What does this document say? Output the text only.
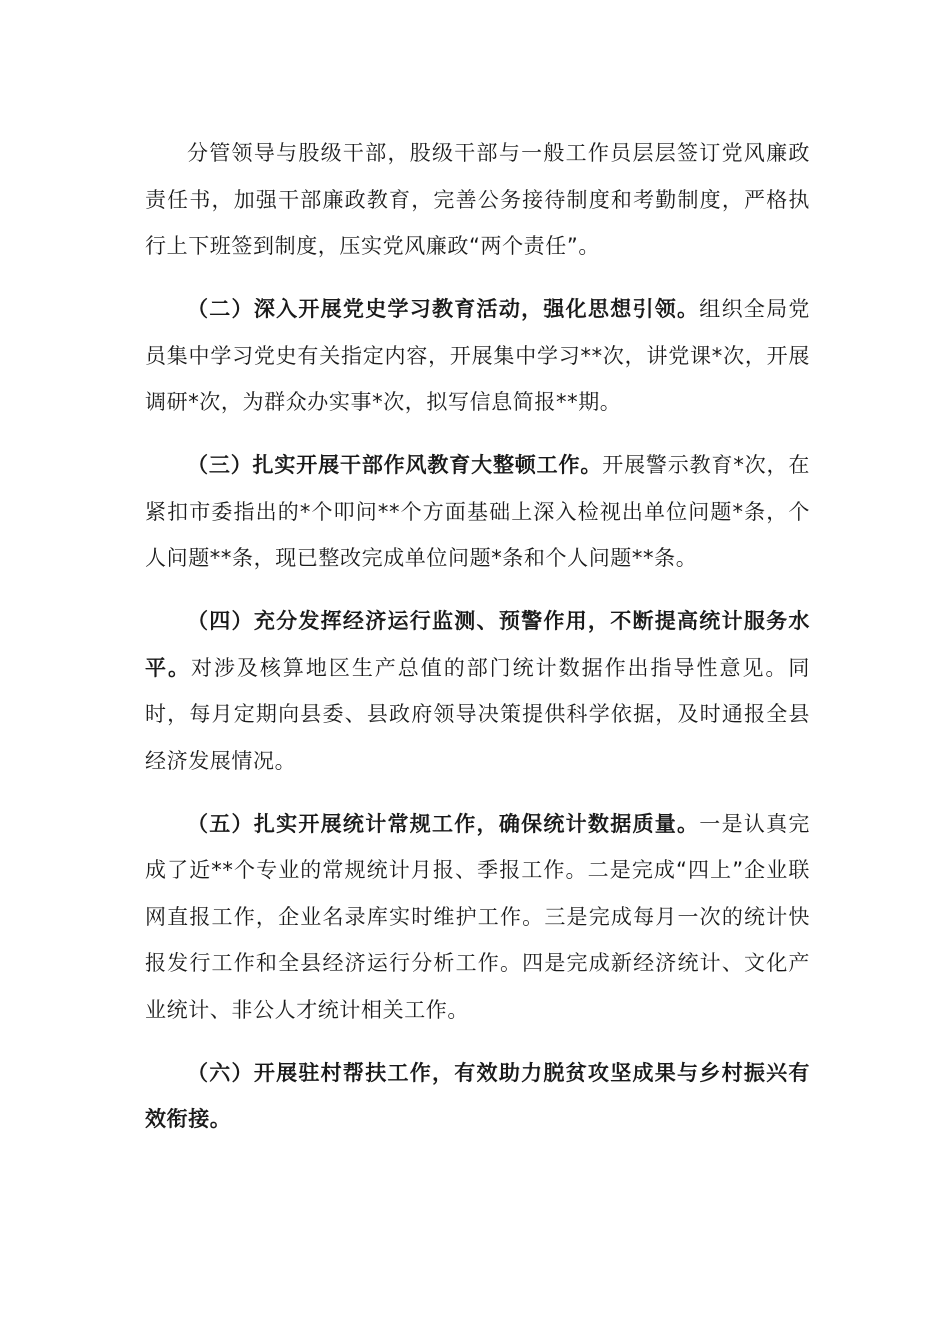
分管领导与股级干部，股级干部与一般工作员层层签订党风廉政责任书，加强干部廉政教育，完善公务接待制度和考勤制度，严格执行上下班签到制度，压实党风廉政“两个责任”。

（二）深入开展党史学习教育活动，强化思想引领。组织全局党员集中学习党史有关指定内容，开展集中学习**次，讲党课*次，开展调研*次，为群众办实事*次，拟写信息简报**期。

（三）扎实开展干部作风教育大整顿工作。开展警示教育*次，在紧扣市委指出的*个叩问**个方面基础上深入检视出单位问题*条，个人问题**条，现已整改完成单位问题*条和个人问题**条。

（四）充分发挥经济运行监测、预警作用，不断提高统计服务水平。对涉及核算地区生产总值的部门统计数据作出指导性意见。同时，每月定期向县委、县政府领导决策提供科学依据，及时通报全县经济发展情况。

（五）扎实开展统计常规工作，确保统计数据质量。一是认真完成了近**个专业的常规统计月报、季报工作。二是完成“四上”企业联网直报工作，企业名录库实时维护工作。三是完成每月一次的统计快报发行工作和全县经济运行分析工作。四是完成新经济统计、文化产业统计、非公人才统计相关工作。

（六）开展驻村帮扶工作，有效助力脱贫攻坚成果与乡村振兴有效衔接。
